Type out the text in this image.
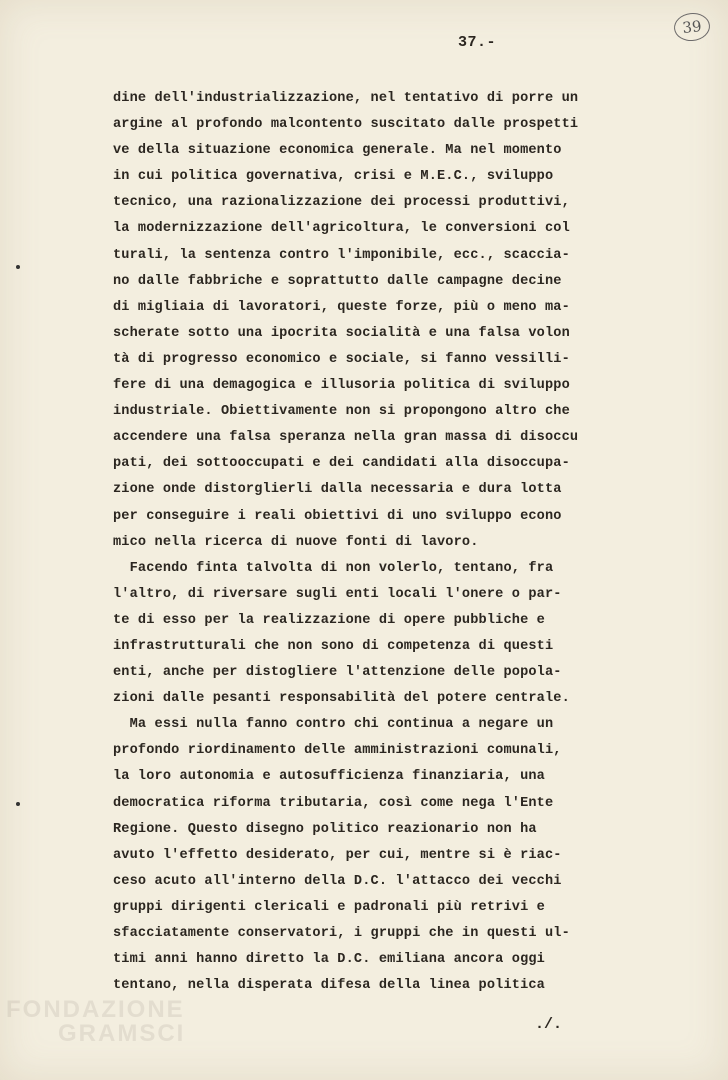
37.-
39
dine dell'industrializzazione, nel tentativo di porre un
argine al profondo malcontento suscitato dalle prospetti
ve della situazione economica generale. Ma nel momento
in cui politica governativa, crisi e M.E.C., sviluppo
tecnico, una razionalizzazione dei processi produttivi,
la modernizzazione dell'agricoltura, le conversioni col
turali, la sentenza contro l'imponibile, ecc., scaccia-
no dalle fabbriche e soprattutto dalle campagne decine
di migliaia di lavoratori, queste forze, più o meno ma-
scherate sotto una ipocrita socialità e una falsa volon
tà di progresso economico e sociale, si fanno vessilli-
fere di una demagogica e illusoria politica di sviluppo
industriale. Obiettivamente non si propongono altro che
accendere una falsa speranza nella gran massa di disoccu
pati, dei sottooccupati e dei candidati alla disoccupa-
zione onde distorglierli dalla necessaria e dura lotta
per conseguire i reali obiettivi di uno sviluppo econo
mico nella ricerca di nuove fonti di lavoro.
Facendo finta talvolta di non volerlo, tentano, fra
l'altro, di riversare sugli enti locali l'onere o par-
te di esso per la realizzazione di opere pubbliche e
infrastrutturali che non sono di competenza di questi
enti, anche per distogliere l'attenzione delle popola-
zioni dalle pesanti responsabilità del potere centrale.
Ma essi nulla fanno contro chi continua a negare un
profondo riordinamento delle amministrazioni comunali,
la loro autonomia e autosufficienza finanziaria, una
democratica riforma tributaria, così come nega l'Ente
Regione. Questo disegno politico reazionario non ha
avuto l'effetto desiderato, per cui, mentre si è riac-
ceso acuto all'interno della D.C. l'attacco dei vecchi
gruppi dirigenti clericali e padronali più retrivi e
sfacciatamente conservatori, i gruppi che in questi ul-
timi anni hanno diretto la D.C. emiliana ancora oggi
tentano, nella disperata difesa della linea politica
./.
FONDAZIONE
GRAMSCI
